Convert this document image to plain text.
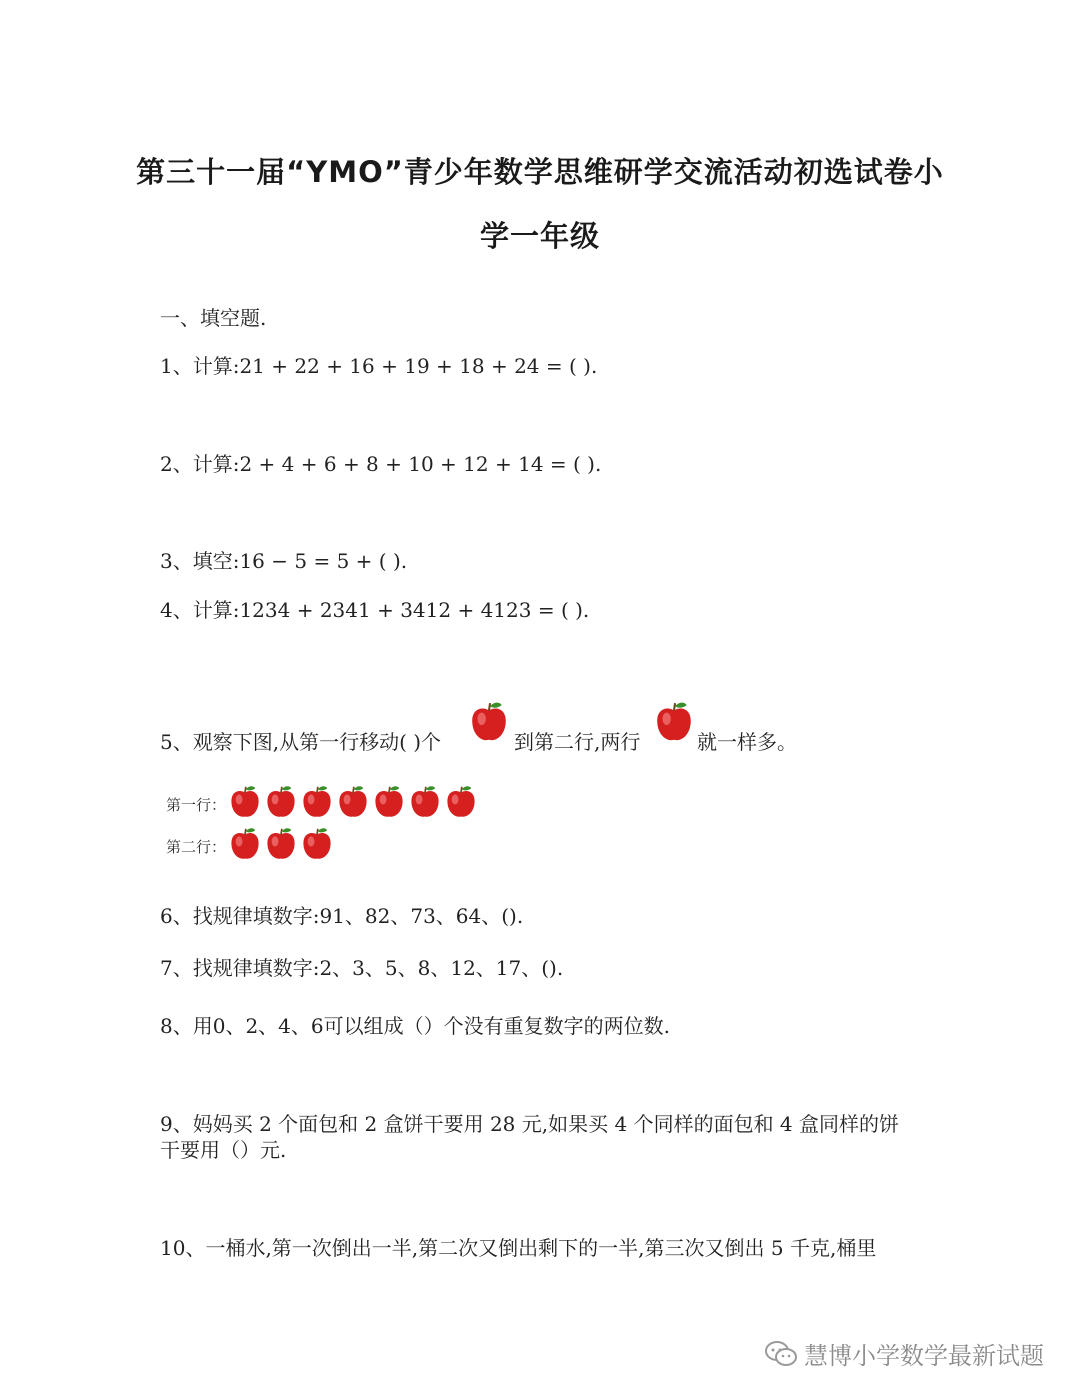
第三十一届“YMO”青少年数学思维研学交流活动初选试卷小
学一年级
一、填空题.
1、计算:21 + 22 + 16 + 19 + 18 + 24 = ( ).
2、计算:2 + 4 + 6 + 8 + 10 + 12 + 14 = ( ).
3、填空:16 − 5 = 5 + ( ).
4、计算:1234 + 2341 + 3412 + 4123 = ( ).
5、观察下图,从第一行移动( )个	到第二行,两行	就一样多。
第一行：
第二行：
6、找规律填数字:91、82、73、64、().
7、找规律填数字:2、3、5、8、12、17、().
8、用0、2、4、6可以组成（）个没有重复数字的两位数.
9、妈妈买 2 个面包和 2 盒饼干要用 28 元,如果买 4 个同样的面包和 4 盒同样的饼
干要用（）元.
10、一桶水,第一次倒出一半,第二次又倒出剩下的一半,第三次又倒出 5 千克,桶里
慧博小学数学最新试题
